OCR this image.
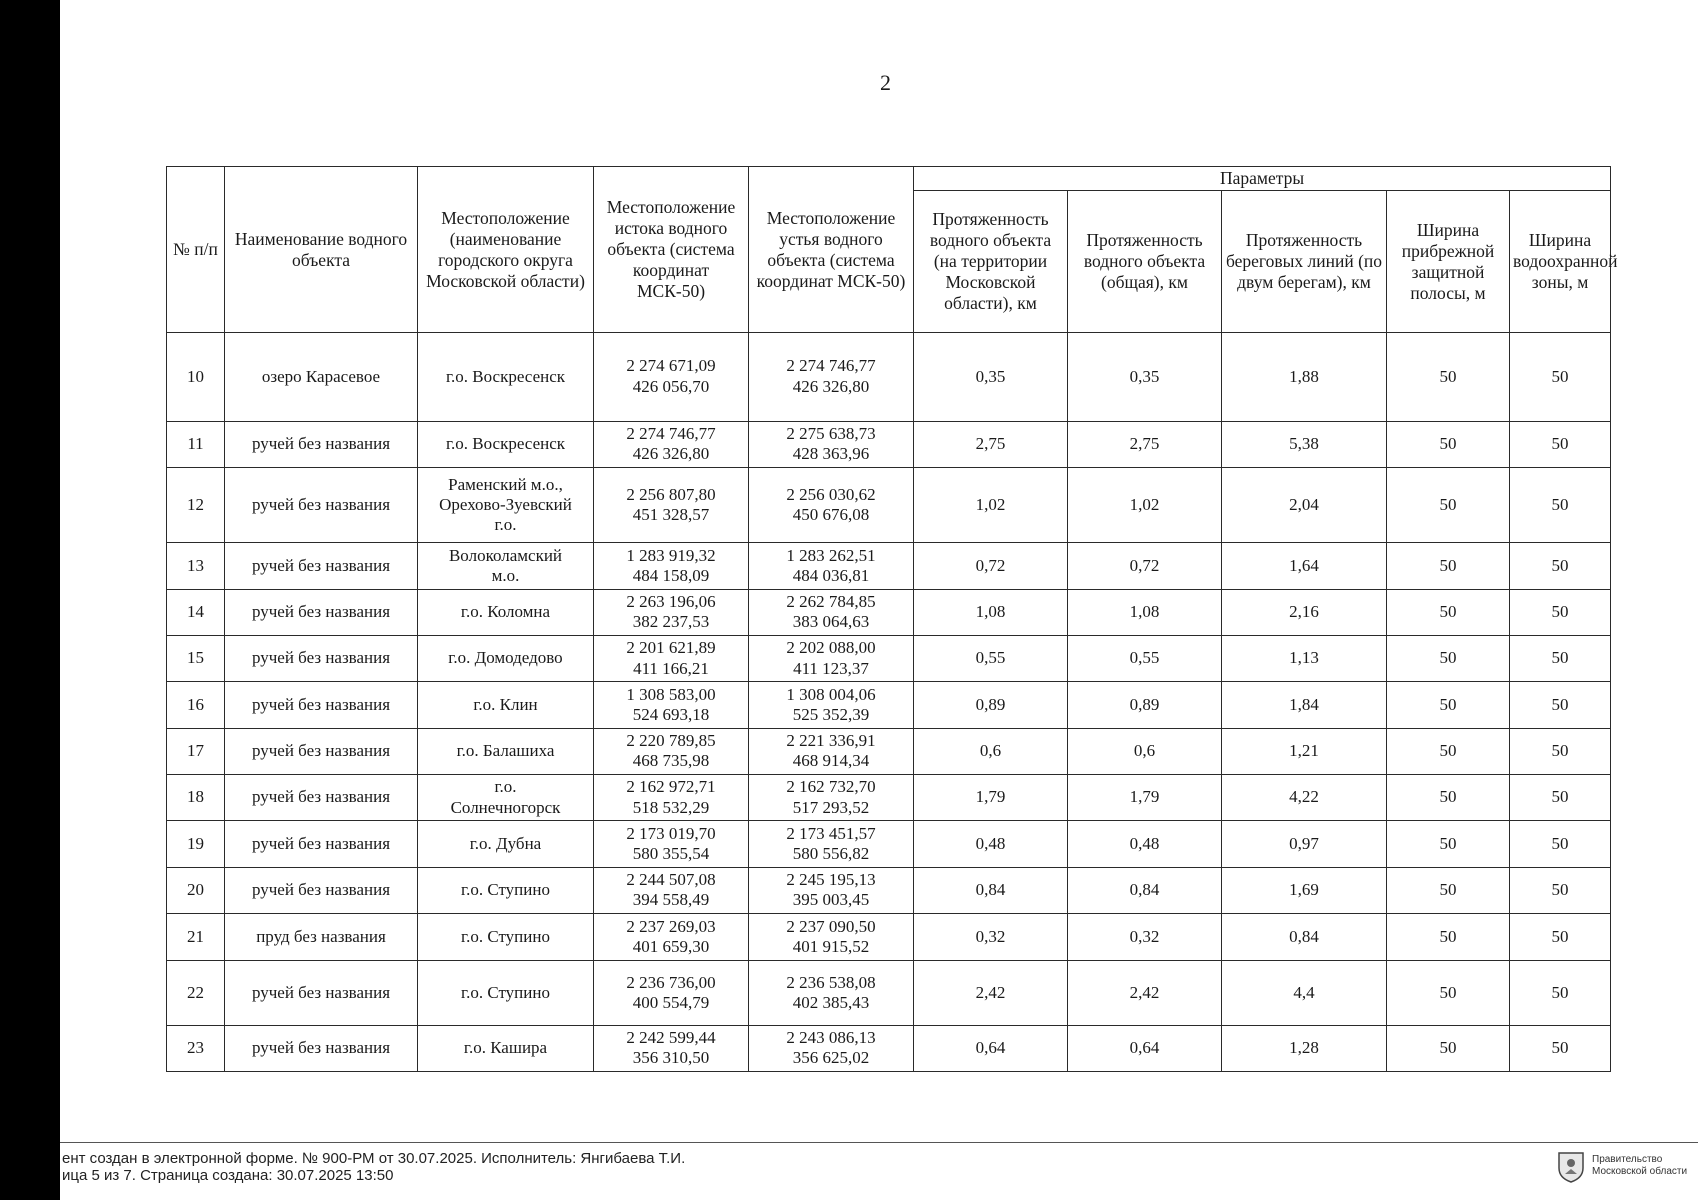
2
№ п/п	Наименование водного объекта	Местоположение (наименование городского округа Московской области)	Местоположение истока водного объекта (система координат МСК-50)	Местоположение устья водного объекта (система координат МСК-50)	Параметры				
					Протяженность водного объекта (на территории Московской области), км	Протяженность водного объекта (общая), км	Протяженность береговых линий (по двум берегам), км	Ширина прибрежной защитной полосы, м	Ширина водоохранной зоны, м
10	озеро Карасевое	г.о. Воскресенск	2 274 671,09
426 056,70	2 274 746,77
426 326,80	0,35	0,35	1,88	50	50
11	ручей без названия	г.о. Воскресенск	2 274 746,77
426 326,80	2 275 638,73
428 363,96	2,75	2,75	5,38	50	50
12	ручей без названия	Раменский м.о.,
Орехово-Зуевский
г.о.	2 256 807,80
451 328,57	2 256 030,62
450 676,08	1,02	1,02	2,04	50	50
13	ручей без названия	Волоколамский
м.о.	1 283 919,32
484 158,09	1 283 262,51
484 036,81	0,72	0,72	1,64	50	50
14	ручей без названия	г.о. Коломна	2 263 196,06
382 237,53	2 262 784,85
383 064,63	1,08	1,08	2,16	50	50
15	ручей без названия	г.о. Домодедово	2 201 621,89
411 166,21	2 202 088,00
411 123,37	0,55	0,55	1,13	50	50
16	ручей без названия	г.о. Клин	1 308 583,00
524 693,18	1 308 004,06
525 352,39	0,89	0,89	1,84	50	50
17	ручей без названия	г.о. Балашиха	2 220 789,85
468 735,98	2 221 336,91
468 914,34	0,6	0,6	1,21	50	50
18	ручей без названия	г.о.
Солнечногорск	2 162 972,71
518 532,29	2 162 732,70
517 293,52	1,79	1,79	4,22	50	50
19	ручей без названия	г.о. Дубна	2 173 019,70
580 355,54	2 173 451,57
580 556,82	0,48	0,48	0,97	50	50
20	ручей без названия	г.о. Ступино	2 244 507,08
394 558,49	2 245 195,13
395 003,45	0,84	0,84	1,69	50	50
21	пруд без названия	г.о. Ступино	2 237 269,03
401 659,30	2 237 090,50
401 915,52	0,32	0,32	0,84	50	50
22	ручей без названия	г.о. Ступино	2 236 736,00
400 554,79	2 236 538,08
402 385,43	2,42	2,42	4,4	50	50
23	ручей без названия	г.о. Кашира	2 242 599,44
356 310,50	2 243 086,13
356 625,02	0,64	0,64	1,28	50	50
ент создан в электронной форме. № 900-РМ от 30.07.2025. Исполнитель: Янгибаева Т.И.
ица 5 из 7. Страница создана: 30.07.2025 13:50
Правительство
Московской области
